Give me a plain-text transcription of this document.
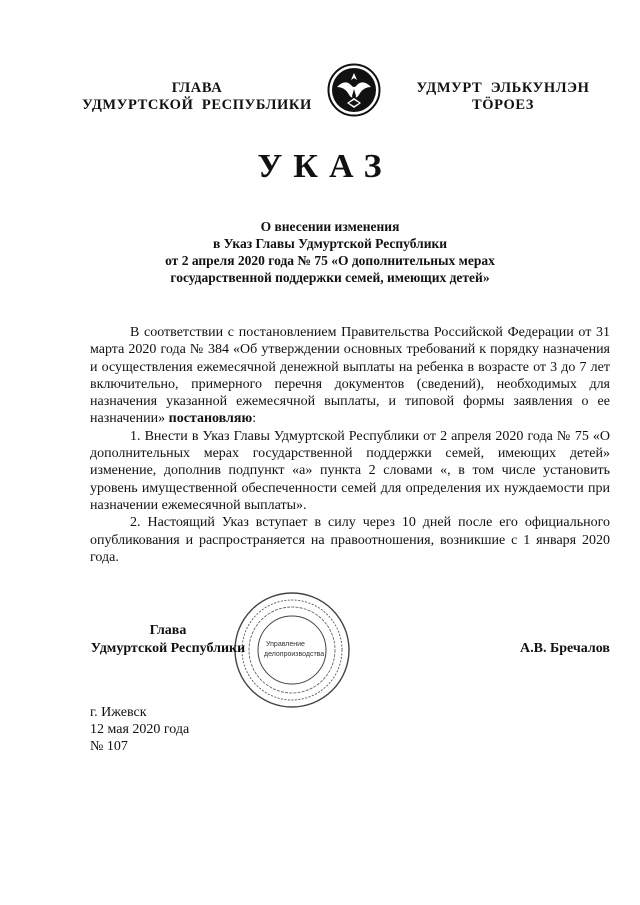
ГЛАВА
УДМУРТСКОЙ  РЕСПУБЛИКИ
УДМУРТ  ЭЛЬКУНЛЭН
ТӦРОЕЗ
УКАЗ
О внесении изменения
в Указ Главы Удмуртской Республики
от 2 апреля 2020 года № 75 «О дополнительных мерах
государственной поддержки семей, имеющих детей»

В соответствии с постановлением Правительства Российской Федерации от 31 марта 2020 года № 384 «Об утверждении основных требований к порядку назначения и осуществления ежемесячной денежной выплаты на ребенка в возрасте от 3 до 7 лет включительно, примерного перечня документов (сведений), необходимых для назначения указанной ежемесячной выплаты, и типовой формы заявления о ее назначении» постановляю:

1. Внести в Указ Главы Удмуртской Республики от 2 апреля 2020 года № 75 «О дополнительных мерах государственной поддержки семей, имеющих детей» изменение, дополнив подпункт «а» пункта 2 словами «, в том числе установить уровень имущественной обеспеченности семей для определения их нуждаемости при назначении ежемесячной выплаты».

2. Настоящий Указ вступает в силу через 10 дней после его официального опубликования и распространяется на правоотношения, возникшие с 1 января 2020 года.

Управление
делопроизводства
Глава
Удмуртской Республики	А.В. Бречалов
г. Ижевск
12 мая 2020 года
№ 107
